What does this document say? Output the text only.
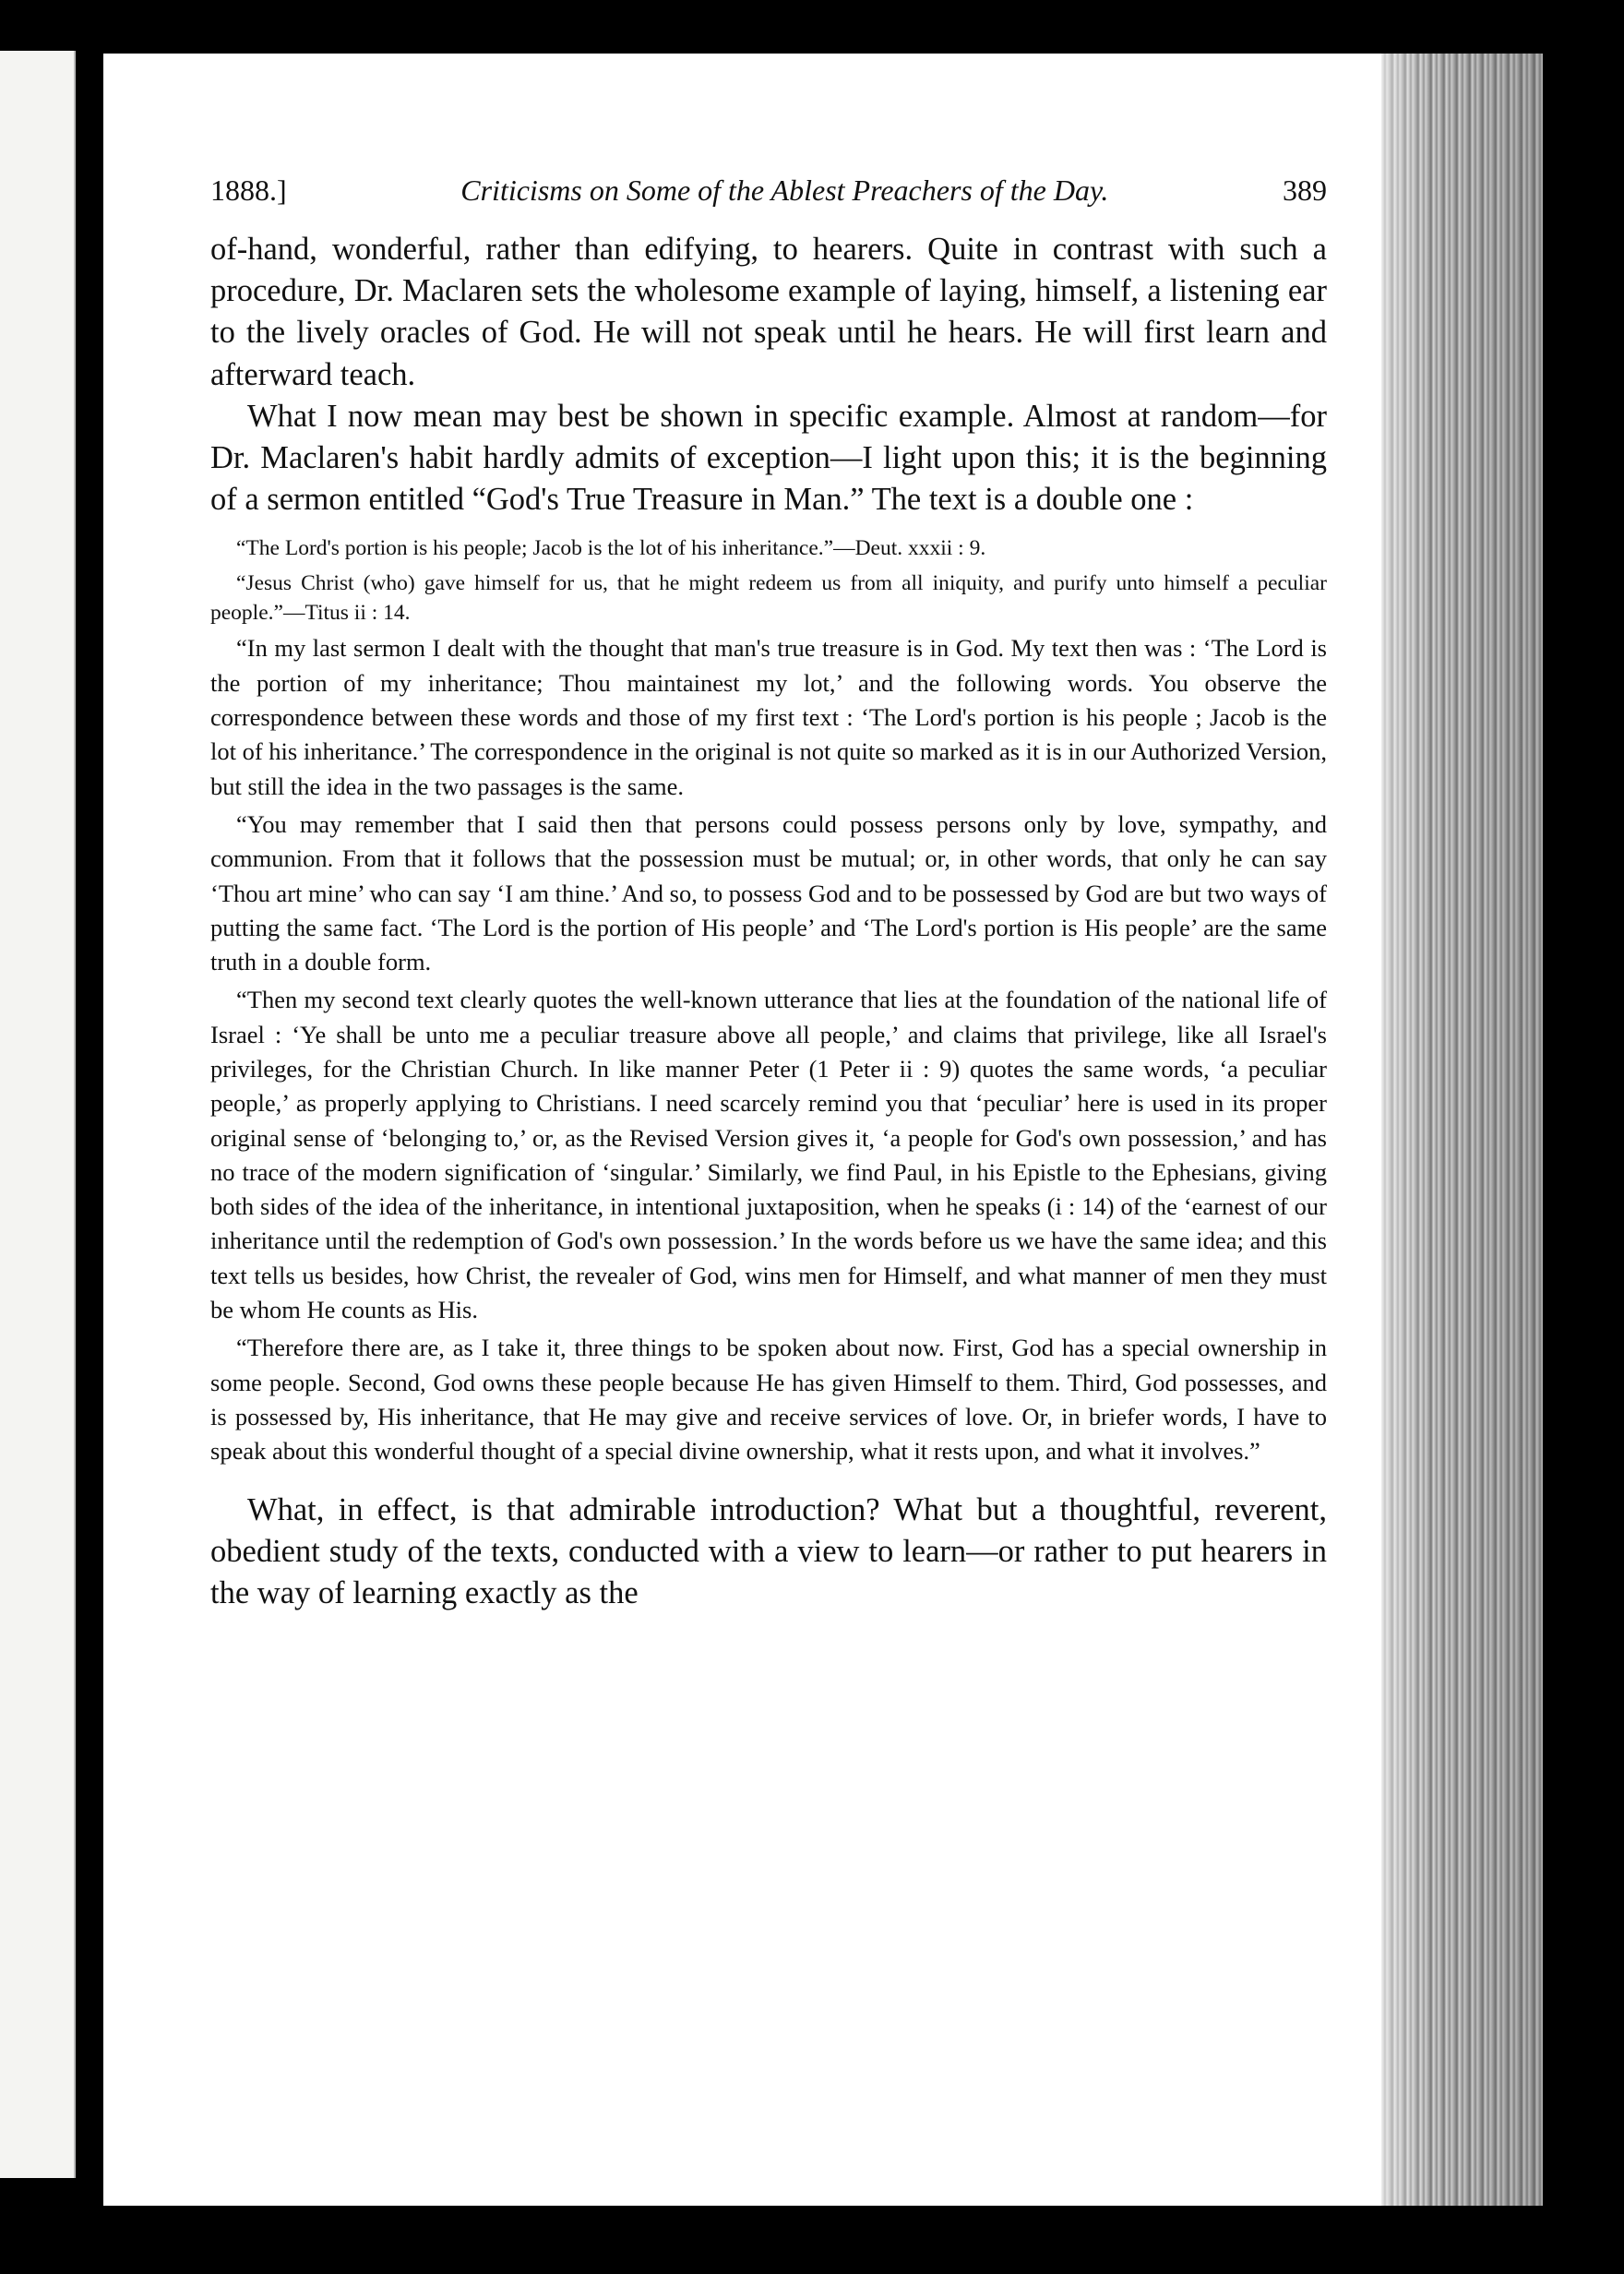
1888.]	Criticisms on Some of the Ablest Preachers of the Day.	389

of-hand, wonderful, rather than edifying, to hearers. Quite in contrast with such a procedure, Dr. Maclaren sets the wholesome example of laying, himself, a listening ear to the lively oracles of God. He will not speak until he hears. He will first learn and afterward teach.

What I now mean may best be shown in specific example. Almost at random—for Dr. Maclaren's habit hardly admits of exception—I light upon this; it is the beginning of a sermon entitled “God's True Treasure in Man.” The text is a double one :

“The Lord's portion is his people; Jacob is the lot of his inheritance.”—Deut. xxxii : 9.

“Jesus Christ (who) gave himself for us, that he might redeem us from all iniquity, and purify unto himself a peculiar people.”—Titus ii : 14.

“In my last sermon I dealt with the thought that man's true treasure is in God. My text then was : ‘The Lord is the portion of my inheritance; Thou maintainest my lot,’ and the following words. You observe the correspondence between these words and those of my first text : ‘The Lord's portion is his people ; Jacob is the lot of his inheritance.’ The correspondence in the original is not quite so marked as it is in our Authorized Version, but still the idea in the two passages is the same.

“You may remember that I said then that persons could possess persons only by love, sympathy, and communion. From that it follows that the possession must be mutual; or, in other words, that only he can say ‘Thou art mine’ who can say ‘I am thine.’ And so, to possess God and to be possessed by God are but two ways of putting the same fact. ‘The Lord is the portion of His people’ and ‘The Lord's portion is His people’ are the same truth in a double form.

“Then my second text clearly quotes the well-known utterance that lies at the foundation of the national life of Israel : ‘Ye shall be unto me a peculiar treasure above all people,’ and claims that privilege, like all Israel's privileges, for the Christian Church. In like manner Peter (1 Peter ii : 9) quotes the same words, ‘a peculiar people,’ as properly applying to Christians. I need scarcely remind you that ‘peculiar’ here is used in its proper original sense of ‘belonging to,’ or, as the Revised Version gives it, ‘a people for God's own possession,’ and has no trace of the modern signification of ‘singular.’ Similarly, we find Paul, in his Epistle to the Ephesians, giving both sides of the idea of the inheritance, in intentional juxtaposition, when he speaks (i : 14) of the ‘earnest of our inheritance until the redemption of God's own possession.’ In the words before us we have the same idea; and this text tells us besides, how Christ, the revealer of God, wins men for Himself, and what manner of men they must be whom He counts as His.

“Therefore there are, as I take it, three things to be spoken about now. First, God has a special ownership in some people. Second, God owns these people because He has given Himself to them. Third, God possesses, and is possessed by, His inheritance, that He may give and receive services of love. Or, in briefer words, I have to speak about this wonderful thought of a special divine ownership, what it rests upon, and what it involves.”

What, in effect, is that admirable introduction? What but a thoughtful, reverent, obedient study of the texts, conducted with a view to learn—or rather to put hearers in the way of learning exactly as the
